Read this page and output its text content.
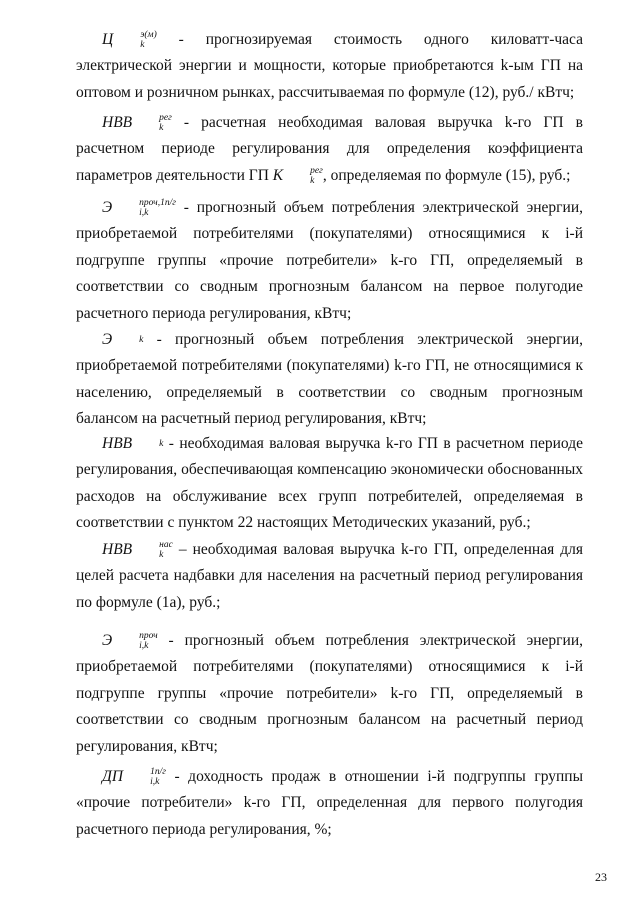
Ц	э(м)
k - прогнозируемая стоимость одного киловатт-часа электрической энергии и мощности, которые приобретаются k-ым ГП на оптовом и розничном рынках, рассчитываемая по формуле (12), руб./ кВтч;

НВВ	рег
k - расчетная необходимая валовая выручка k-го ГП в расчетном периоде регулирования для определения коэффициента параметров деятельности ГП K	рег
k , определяемая по формуле (15), руб.;

Э	проч,1п/г
i,k	- прогнозный объем потребления электрической энергии, приобретаемой потребителями (покупателями) относящимися к i-й подгруппе группы «прочие потребители» k-го ГП, определяемый в соответствии со сводным прогнозным балансом на первое полугодие расчетного периода регулирования, кВтч;

Э	k - прогнозный объем потребления электрической энергии, приобретаемой потребителями (покупателями) k-го ГП, не относящимися к населению, определяемый в соответствии со сводным прогнозным балансом на расчетный период регулирования, кВтч;

НВВ	k - необходимая валовая выручка k-го ГП в расчетном периоде регулирования, обеспечивающая компенсацию экономически обоснованных расходов на обслуживание всех групп потребителей, определяемая в соответствии с пунктом 22 настоящих Методических указаний, руб.;

НВВ	нас
k – необходимая валовая выручка k-го ГП, определенная для целей расчета надбавки для населения на расчетный период регулирования по формуле (1а), руб.;

Э	проч
i,k - прогнозный объем потребления электрической энергии, приобретаемой потребителями (покупателями) относящимися к i-й подгруппе группы «прочие потребители» k-го ГП, определяемый в соответствии со сводным прогнозным балансом на расчетный период регулирования, кВтч;

ДП	1п/г
i,k - доходность продаж в отношении i-й подгруппы группы «прочие потребители» k-го ГП, определенная для первого полугодия расчетного периода регулирования, %;

23
